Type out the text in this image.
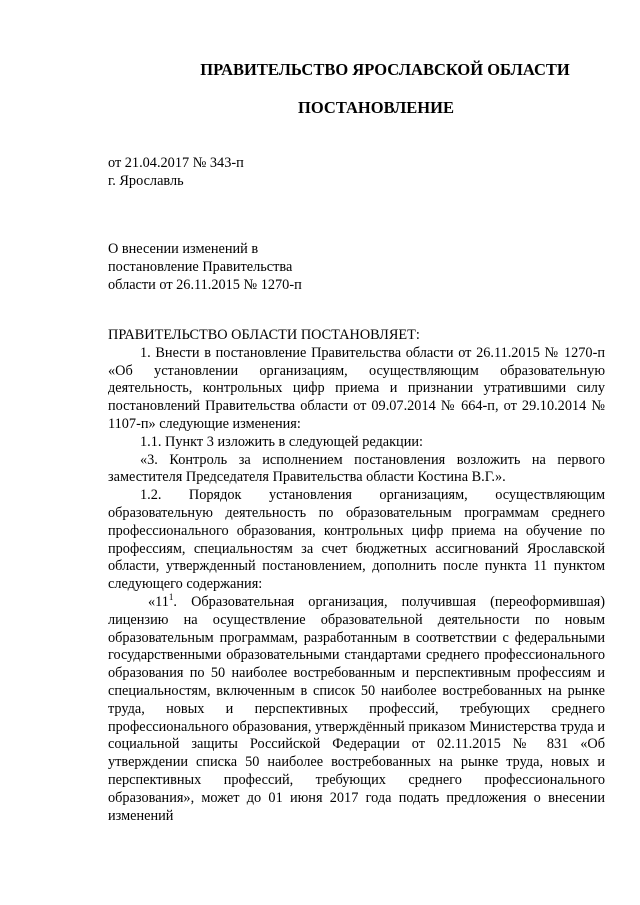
ПРАВИТЕЛЬСТВО ЯРОСЛАВСКОЙ ОБЛАСТИ
ПОСТАНОВЛЕНИЕ
от 21.04.2017 № 343-п
г. Ярославль
О внесении изменений в
постановление Правительства
области от 26.11.2015 № 1270-п

ПРАВИТЕЛЬСТВО ОБЛАСТИ ПОСТАНОВЛЯЕТ:

1. Внести в постановление Правительства области от 26.11.2015 № 1270-п «Об установлении организациям, осуществляющим образовательную деятельность, контрольных цифр приема и признании утратившими силу постановлений Правительства области от 09.07.2014 № 664-п, от 29.10.2014 № 1107-п» следующие изменения:

1.1. Пункт 3 изложить в следующей редакции:

«3. Контроль за исполнением постановления возложить на первого заместителя Председателя Правительства области Костина В.Г.».

1.2. Порядок установления организациям, осуществляющим образовательную деятельность по образовательным программам среднего профессионального образования, контрольных цифр приема на обучение по профессиям, специальностям за счет бюджетных ассигнований Ярославской области, утвержденный постановлением, дополнить после пункта 11 пунктом следующего содержания:

«$11^1$. Образовательная организация, получившая (переоформившая) лицензию на осуществление образовательной деятельности по новым образовательным программам, разработанным в соответствии с федеральными государственными образовательными стандартами среднего профессионального образования по 50 наиболее востребованным и перспективным профессиям и специальностям, включенным в список 50 наиболее востребованных на рынке труда, новых и перспективных профессий, требующих среднего профессионального образования, утверждённый приказом Министерства труда и социальной защиты Российской Федерации от 02.11.2015 № 831 «Об утверждении списка 50 наиболее востребованных на рынке труда, новых и перспективных профессий, требующих среднего профессионального образования», может до 01 июня 2017 года подать предложения о внесении изменений
